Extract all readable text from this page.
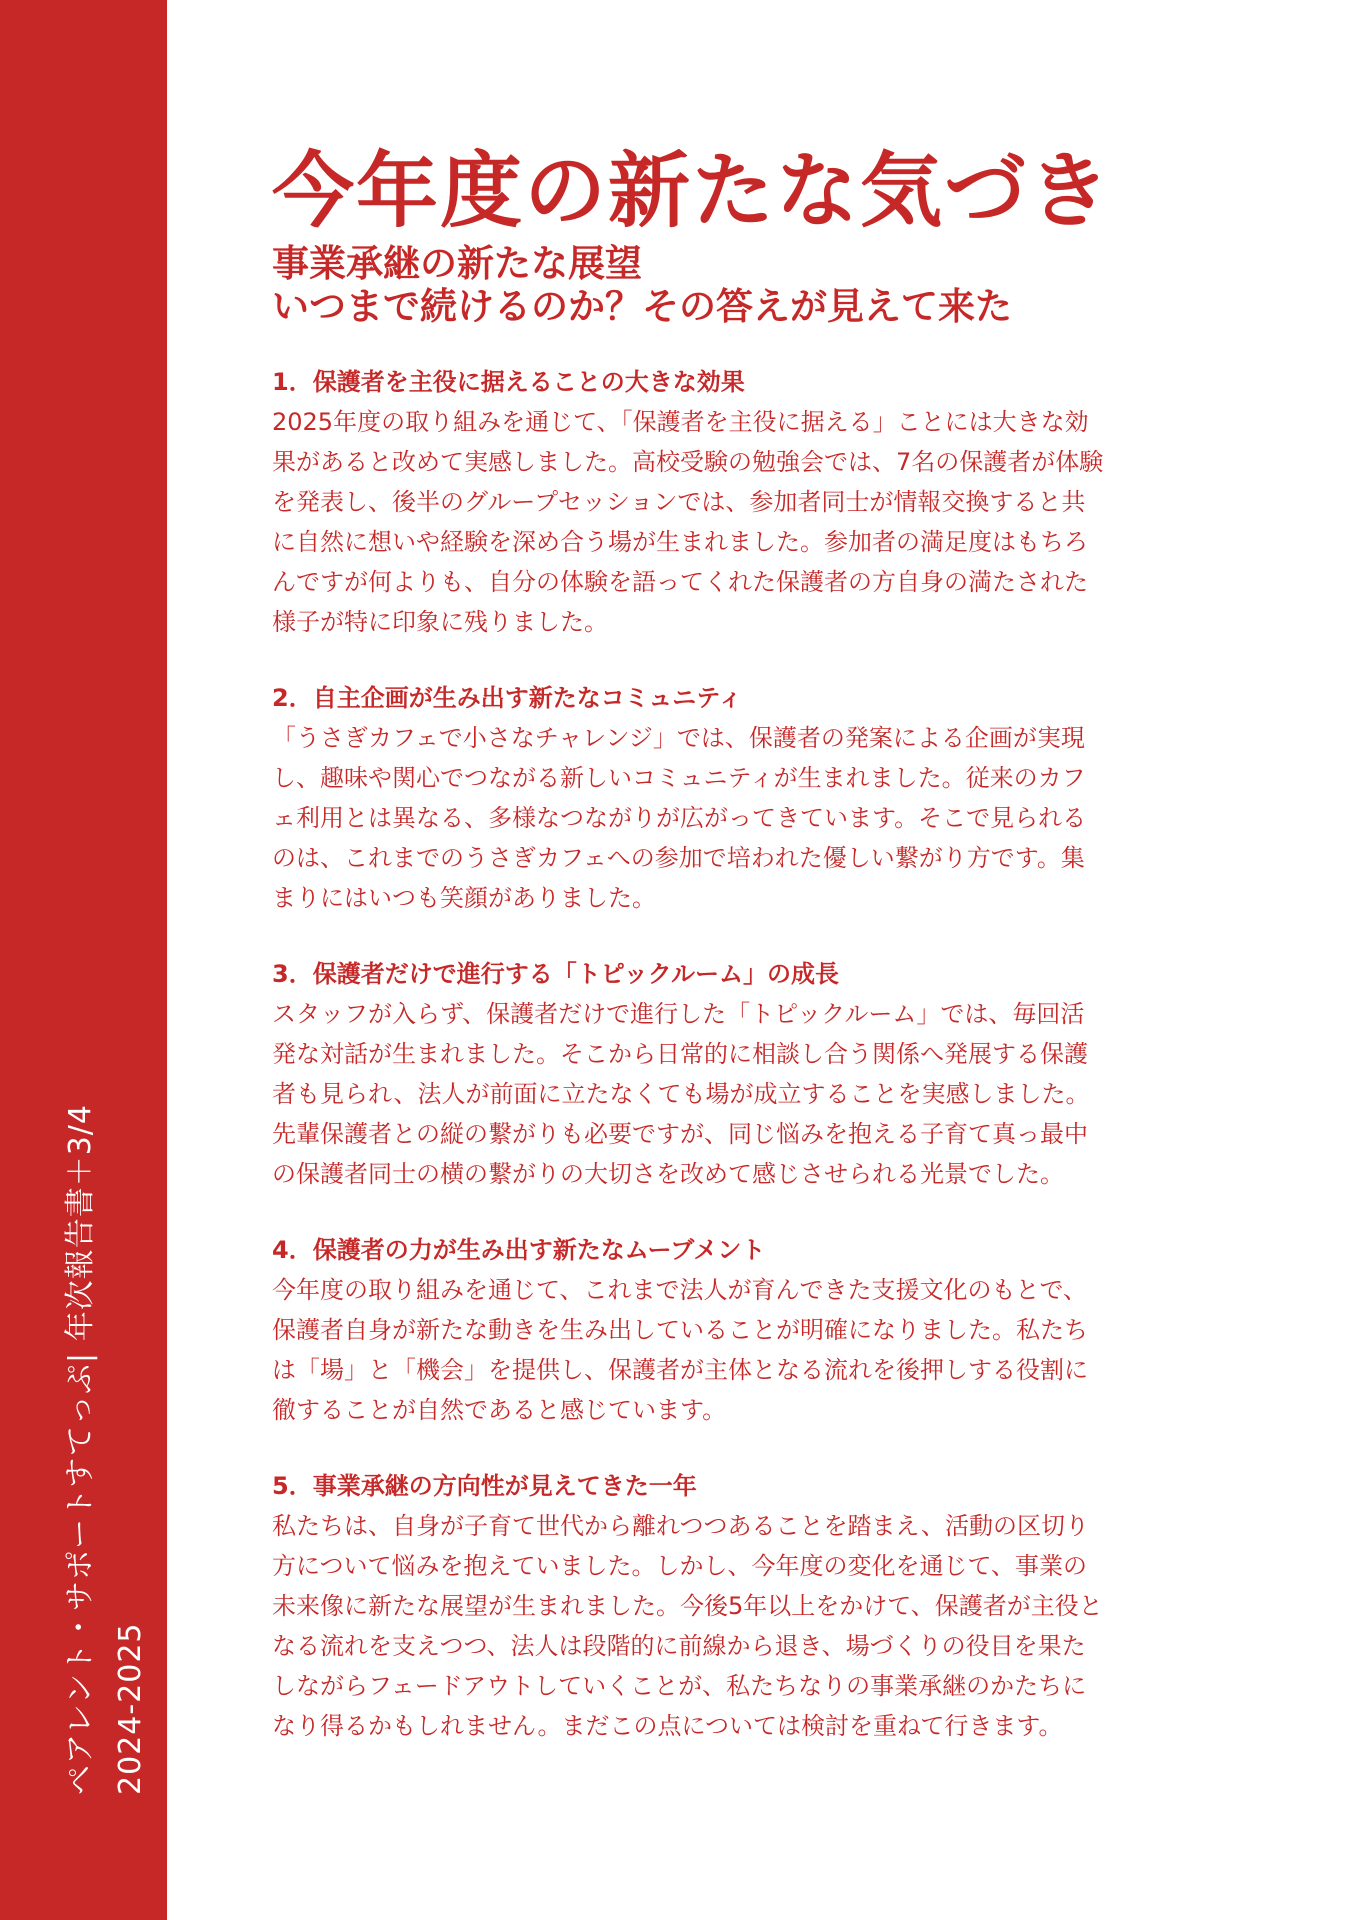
ペアレント・サポートすてっぷ| 年次報告書＋3/4 2024-2025
今年度の新たな気づき
事業承継の新たな展望
いつまで続けるのか？その答えが見えて来た
1．保護者を主役に据えることの大きな効果

2025年度の取り組みを通じて、「保護者を主役に据える」ことには大きな効
果があると改めて実感しました。高校受験の勉強会では、7名の保護者が体験
を発表し、後半のグループセッションでは、参加者同士が情報交換すると共
に自然に想いや経験を深め合う場が生まれました。参加者の満足度はもちろ
んですが何よりも、自分の体験を語ってくれた保護者の方自身の満たされた
様子が特に印象に残りました。

2．自主企画が生み出す新たなコミュニティ

「うさぎカフェで小さなチャレンジ」では、保護者の発案による企画が実現
し、趣味や関心でつながる新しいコミュニティが生まれました。従来のカフ
ェ利用とは異なる、多様なつながりが広がってきています。そこで見られる
のは、これまでのうさぎカフェへの参加で培われた優しい繋がり方です。集
まりにはいつも笑顔がありました。

3．保護者だけで進行する「トピックルーム」の成長

スタッフが入らず、保護者だけで進行した「トピックルーム」では、毎回活
発な対話が生まれました。そこから日常的に相談し合う関係へ発展する保護
者も見られ、法人が前面に立たなくても場が成立することを実感しました。
先輩保護者との縦の繋がりも必要ですが、同じ悩みを抱える子育て真っ最中
の保護者同士の横の繋がりの大切さを改めて感じさせられる光景でした。

4．保護者の力が生み出す新たなムーブメント

今年度の取り組みを通じて、これまで法人が育んできた支援文化のもとで、
保護者自身が新たな動きを生み出していることが明確になりました。私たち
は「場」と「機会」を提供し、保護者が主体となる流れを後押しする役割に
徹することが自然であると感じています。

5．事業承継の方向性が見えてきた一年

私たちは、自身が子育て世代から離れつつあることを踏まえ、活動の区切り
方について悩みを抱えていました。しかし、今年度の変化を通じて、事業の
未来像に新たな展望が生まれました。今後5年以上をかけて、保護者が主役と
なる流れを支えつつ、法人は段階的に前線から退き、場づくりの役目を果た
しながらフェードアウトしていくことが、私たちなりの事業承継のかたちに
なり得るかもしれません。まだこの点については検討を重ねて行きます。
